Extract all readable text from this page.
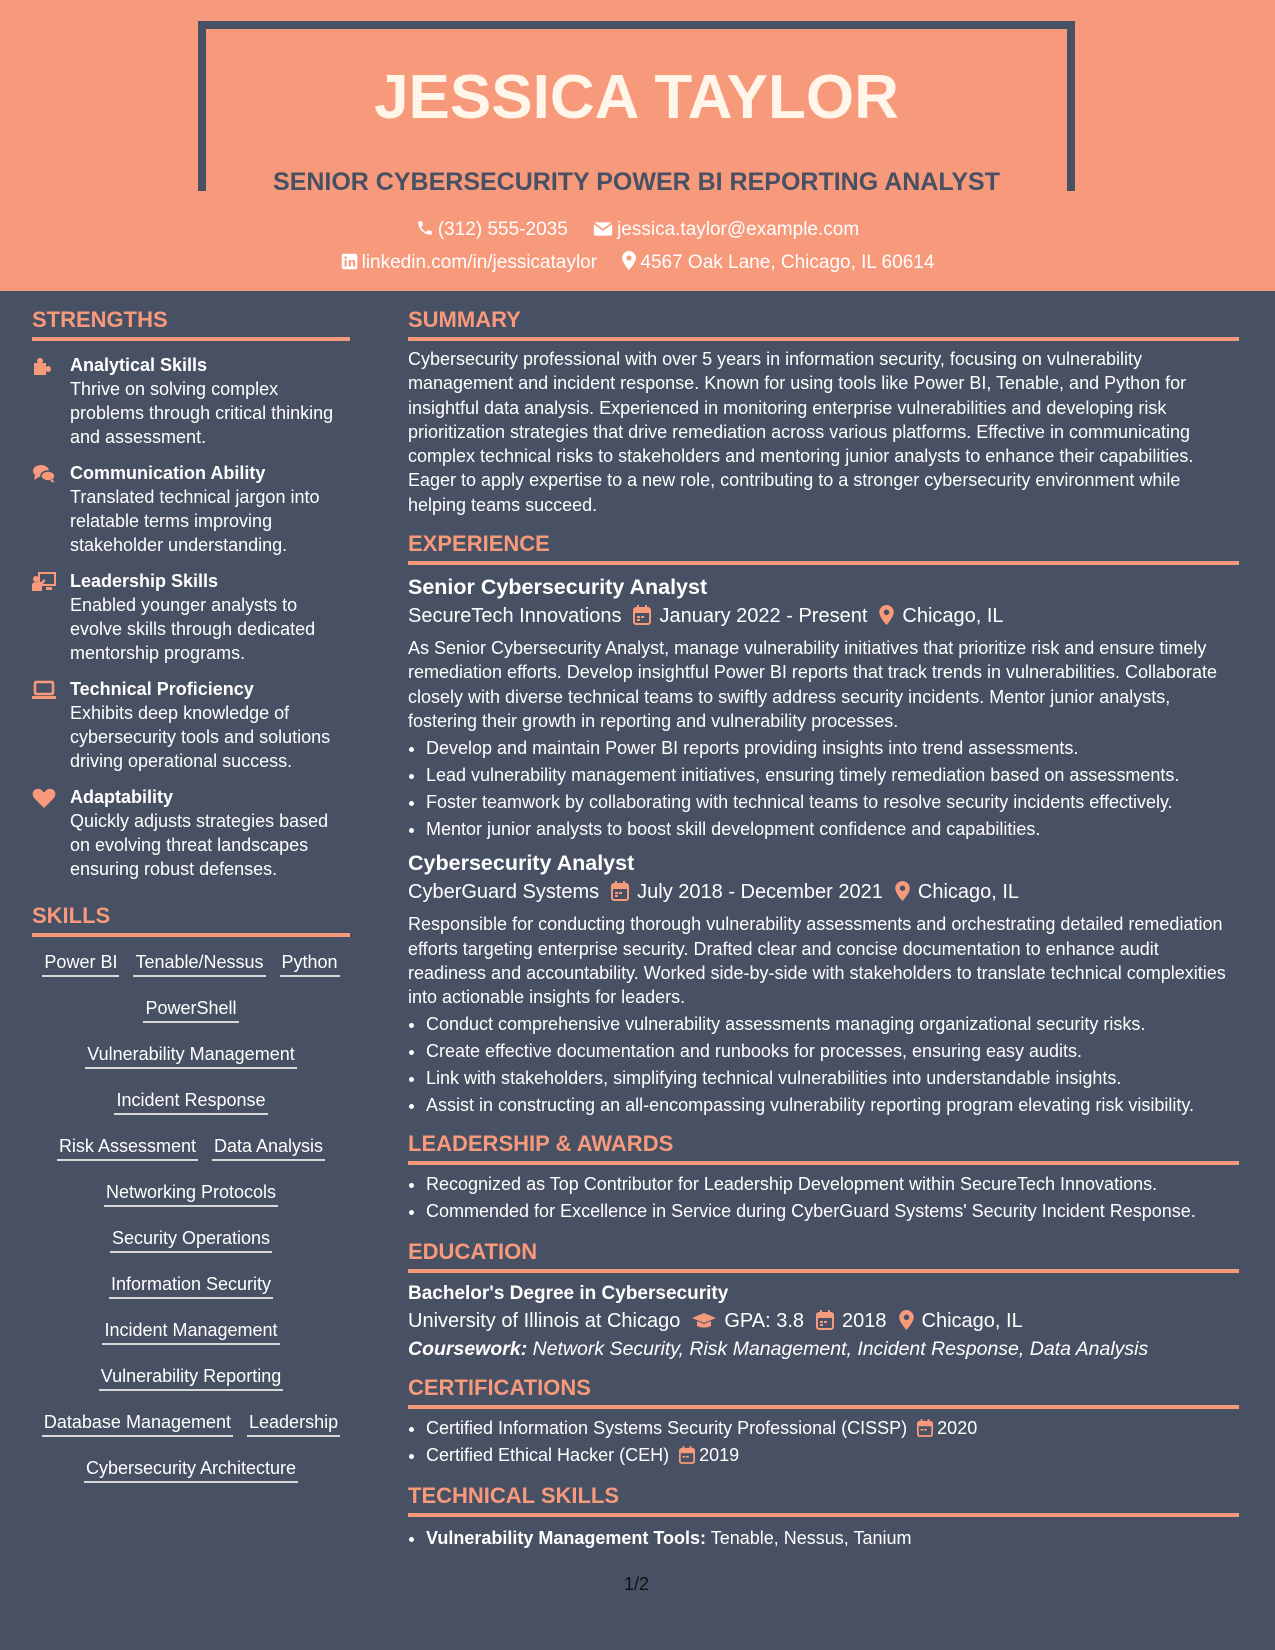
JESSICA TAYLOR
SENIOR CYBERSECURITY POWER BI REPORTING ANALYST
(312) 555-2035	jessica.taylor@example.com
linkedin.com/in/jessicataylor 4567 Oak Lane, Chicago, IL 60614
STRENGTHS
Analytical Skills
Thrive on solving complex problems through critical thinking and assessment.
Communication Ability
Translated technical jargon into relatable terms improving stakeholder understanding.
Leadership Skills
Enabled younger analysts to evolve skills through dedicated mentorship programs.
Technical Proficiency
Exhibits deep knowledge of cybersecurity tools and solutions driving operational success.
Adaptability
Quickly adjusts strategies based on evolving threat landscapes ensuring robust defenses.
SKILLS
Power BI Tenable/Nessus Python
PowerShell
Vulnerability Management
Incident Response
Risk Assessment Data Analysis
Networking Protocols
Security Operations
Information Security
Incident Management
Vulnerability Reporting
Database Management Leadership
Cybersecurity Architecture
SUMMARY

Cybersecurity professional with over 5 years in information security, focusing on vulnerability management and incident response. Known for using tools like Power BI, Tenable, and Python for insightful data analysis. Experienced in monitoring enterprise vulnerabilities and developing risk prioritization strategies that drive remediation across various platforms. Effective in communicating complex technical risks to stakeholders and mentoring junior analysts to enhance their capabilities. Eager to apply expertise to a new role, contributing to a stronger cybersecurity environment while helping teams succeed.

EXPERIENCE
Senior Cybersecurity Analyst
SecureTech Innovations January 2022 - Present Chicago, IL

As Senior Cybersecurity Analyst, manage vulnerability initiatives that prioritize risk and ensure timely remediation efforts. Develop insightful Power BI reports that track trends in vulnerabilities. Collaborate closely with diverse technical teams to swiftly address security incidents. Mentor junior analysts, fostering their growth in reporting and vulnerability processes.

• Develop and maintain Power BI reports providing insights into trend assessments.
• Lead vulnerability management initiatives, ensuring timely remediation based on assessments.
• Foster teamwork by collaborating with technical teams to resolve security incidents effectively.
• Mentor junior analysts to boost skill development confidence and capabilities.
Cybersecurity Analyst
CyberGuard Systems July 2018 - December 2021 Chicago, IL

Responsible for conducting thorough vulnerability assessments and orchestrating detailed remediation efforts targeting enterprise security. Drafted clear and concise documentation to enhance audit readiness and accountability. Worked side-by-side with stakeholders to translate technical complexities into actionable insights for leaders.

• Conduct comprehensive vulnerability assessments managing organizational security risks.
• Create effective documentation and runbooks for processes, ensuring easy audits.
• Link with stakeholders, simplifying technical vulnerabilities into understandable insights.
• Assist in constructing an all-encompassing vulnerability reporting program elevating risk visibility.
LEADERSHIP & AWARDS
• Recognized as Top Contributor for Leadership Development within SecureTech Innovations.
• Commended for Excellence in Service during CyberGuard Systems' Security Incident Response.
EDUCATION
Bachelor's Degree in Cybersecurity
University of Illinois at Chicago GPA: 3.8 2018 Chicago, IL
Coursework: Network Security, Risk Management, Incident Response, Data Analysis
CERTIFICATIONS
• Certified Information Systems Security Professional (CISSP) 2020
• Certified Ethical Hacker (CEH) 2019
TECHNICAL SKILLS
• Vulnerability Management Tools: Tenable, Nessus, Tanium
1/2
